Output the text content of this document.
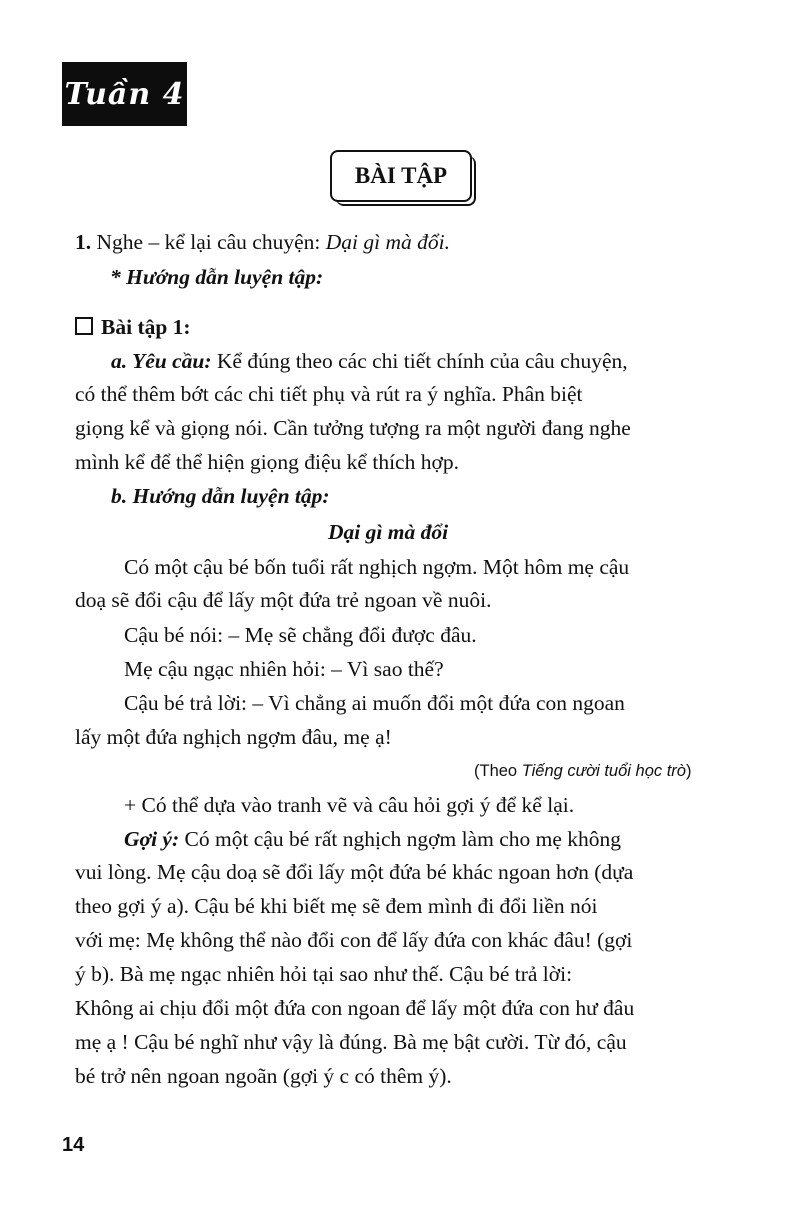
Tuần 4
BÀI TẬP
1. Nghe – kể lại câu chuyện: Dại gì mà đổi.
* Hướng dẫn luyện tập:
Bài tập 1:
a. Yêu cầu: Kể đúng theo các chi tiết chính của câu chuyện,
có thể thêm bớt các chi tiết phụ và rút ra ý nghĩa. Phân biệt
giọng kể và giọng nói. Cần tưởng tượng ra một người đang nghe
mình kể để thể hiện giọng điệu kể thích hợp.
b. Hướng dẫn luyện tập:
Dại gì mà đổi
Có một cậu bé bốn tuổi rất nghịch ngợm. Một hôm mẹ cậu
doạ sẽ đổi cậu để lấy một đứa trẻ ngoan về nuôi.
Cậu bé nói: – Mẹ sẽ chẳng đổi được đâu.
Mẹ cậu ngạc nhiên hỏi: – Vì sao thế?
Cậu bé trả lời: – Vì chẳng ai muốn đổi một đứa con ngoan
lấy một đứa nghịch ngợm đâu, mẹ ạ!
(Theo Tiếng cười tuổi học trò)
+ Có thể dựa vào tranh vẽ và câu hỏi gợi ý để kể lại.
Gợi ý: Có một cậu bé rất nghịch ngợm làm cho mẹ không
vui lòng. Mẹ cậu doạ sẽ đổi lấy một đứa bé khác ngoan hơn (dựa
theo gợi ý a). Cậu bé khi biết mẹ sẽ đem mình đi đổi liền nói
với mẹ: Mẹ không thể nào đổi con để lấy đứa con khác đâu! (gợi
ý b). Bà mẹ ngạc nhiên hỏi tại sao như thế. Cậu bé trả lời:
Không ai chịu đổi một đứa con ngoan để lấy một đứa con hư đâu
mẹ ạ ! Cậu bé nghĩ như vậy là đúng. Bà mẹ bật cười. Từ đó, cậu
bé trở nên ngoan ngoãn (gợi ý c có thêm ý).
14
